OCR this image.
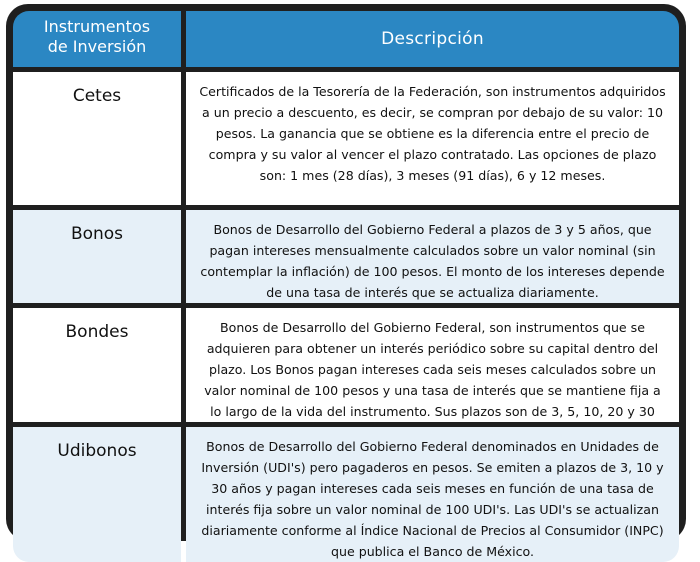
Instrumentos
de Inversión	Descripción
Cetes	Certificados de la Tesorería de la Federación, son instrumentos adquiridos a un precio a descuento, es decir, se compran por debajo de su valor: 10 pesos. La ganancia que se obtiene es la diferencia entre el precio de compra y su valor al vencer el plazo contratado. Las opciones de plazo son: 1 mes (28 días), 3 meses (91 días), 6 y 12 meses.
Bonos	Bonos de Desarrollo del Gobierno Federal a plazos de 3 y 5 años, que pagan intereses mensualmente calculados sobre un valor nominal (sin contemplar la inflación) de 100 pesos. El monto de los intereses depende de una tasa de interés que se actualiza diariamente.
Bondes	Bonos de Desarrollo del Gobierno Federal, son instrumentos que se adquieren para obtener un interés periódico sobre su capital dentro del plazo. Los Bonos pagan intereses cada seis meses calculados sobre un valor nominal de 100 pesos y una tasa de interés que se mantiene fija a lo largo de la vida del instrumento. Sus plazos son de 3, 5, 10, 20 y 30
Udibonos	Bonos de Desarrollo del Gobierno Federal denominados en Unidades de Inversión (UDI's) pero pagaderos en pesos. Se emiten a plazos de 3, 10 y 30 años y pagan intereses cada seis meses en función de una tasa de interés fija sobre un valor nominal de 100 UDI's. Las UDI's se actualizan diariamente conforme al Índice Nacional de Precios al Consumidor (INPC) que publica el Banco de México.
